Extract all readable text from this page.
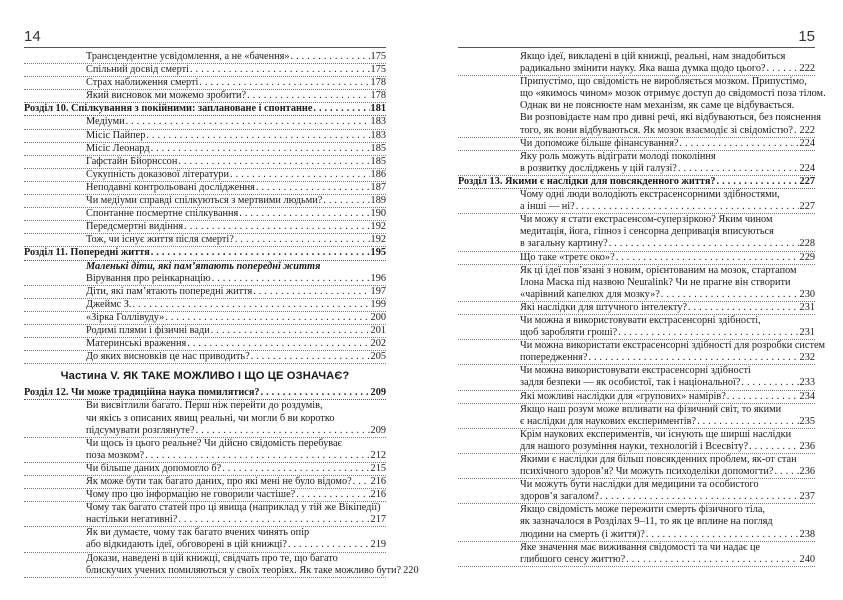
14
Трансцендентне усвідомлення, а не «бачення» . . .	175
Спільний досвід смерті . . .	175
Страх наближення смерті . . .	178
Який висновок ми можемо зробити? . . .	178
Розділ 10. Спілкування з покійними: заплановане і спонтанне . . .	181
Медіуми . . .	183
Місіс Пайпер . . .	183
Місіс Леонард . . .	185
Гафстайн Бйорнссон . . .	185
Сукупність доказової літератури . . .	186
Неподавні контрольовані дослідження . . .	187
Чи медіуми справді спілкуються з мертвими людьми? . . .	189
Спонтанне посмертне спілкування . . .	190
Передсмертні видіння . . .	192
Тож, чи існує життя після смерті? . . .	192
Розділ 11. Попередні життя . . .	195
Маленькі діти, які пам’ятають попередні життя
Вірування про реінкарнацію . . .	196
Діти, які пам’ятають попередні життя . . .	197
Джеймс З. . . .	199
«Зірка Голлівуду» . . .	200
Родимі плями і фізичні вади . . .	201
Материнські враження . . .	202
До яких висновків це нас приводить? . . .	205
Частина V. ЯК ТАКЕ МОЖЛИВО І ЩО ЦЕ ОЗНАЧАЄ?
Розділ 12. Чи може традиційна наука помилятися? . . .	209
Ви висвітлили багато. Перш ніж перейти до роздумів,
чи якісь з описаних явищ реальні, чи могли б ви коротко
підсумувати розглянуте? . . .	209
Чи щось із цього реальне? Чи дійсно свідомість перебуває
поза мозком? . . .	212
Чи більше даних допомогло б? . . .	215
Як може бути так багато даних, про які мені не було відомо? . . . 216
Чому про цю інформацію не говорили частіше? . . .	216
Чому так багато статей про ці явища (наприклад у тій же Вікіпедії)
настільки негативні? . . .	217
Як ви думаєте, чому так багато вчених чинять опір
або відкидають ідеї, обговорені в цій книжці? . . .	219
Докази, наведені в цій книжці, свідчать про те, що багато
блискучих учених помиляються у своїх теоріях. Як таке можливо бути? 220
15
Якщо ідеї, викладені в цій книжці, реальні, нам знадобиться
радикально змінити науку. Яка ваша думка щодо цього? . . .	222
Припустімо, що свідомість не виробляється мозком. Припустімо,
що «якимось чином» мозок отримує доступ до свідомості поза тілом.
Однак ви не пояснюєте нам механізм, як саме це відбувається.
Ви розповідаєте нам про дивні речі, які відбуваються, без пояснення
того, як вони відбуваються. Як мозок взаємодіє зі свідомістю? . . . 222
Чи допоможе більше фінансування? . . .	224
Яку роль можуть відіграти молоді покоління
в розвитку досліджень у цій галузі? . . .	224
Розділ 13. Якими є наслідки для повсякденного життя? . . .	227
Чому одні люди володіють екстрасенсорними здібностями,
а інші — ні? . . .	227
Чи можу я стати екстрасенсом-суперзіркою? Яким чином
медитація, йога, гіпноз і сенсорна депривація вписуються
в загальну картину? . . .	228
Що таке «третє око»? . . .	229
Як ці ідеї пов’язані з новим, орієнтованим на мозок, стартапом
Ілона Маска під назвою Neuralink? Чи не прагне він створити
«чарівний капелюх для мозку»? . . .	230
Які наслідки для штучного інтелекту? . . .	231
Чи можна я використовувати екстрасенсорні здібності,
щоб заробляти гроші? . . .	231
Чи можна використати екстрасенсорні здібності для розробки систем
попередження? . . .	232
Чи можна використовувати екстрасенсорні здібності
задля безпеки — як особистої, так і національної? . . .	233
Які можливі наслідки для «групових» намірів? . . .	234
Якщо наш розум може впливати на фізичний світ, то якими
є наслідки для наукових експериментів? . . .	235
Крім наукових експериментів, чи існують ще ширші наслідки
для нашого розуміння науки, технологій і Всесвіту? . . .	236
Якими є наслідки для більш повсякденних проблем, як-от стан
психічного здоров’я? Чи можуть психоделіки допомогти? . . .	236
Чи можуть бути наслідки для медицини та особистого
здоров’я загалом? . . .	237
Якщо свідомість може пережити смерть фізичного тіла,
як зазначалося в Розділах 9–11, то як це вплине на погляд
людини на смерть (і життя)? . . .	238
Яке значення має виживання свідомості та чи надає це
глибшого сенсу життю? . . .	240
